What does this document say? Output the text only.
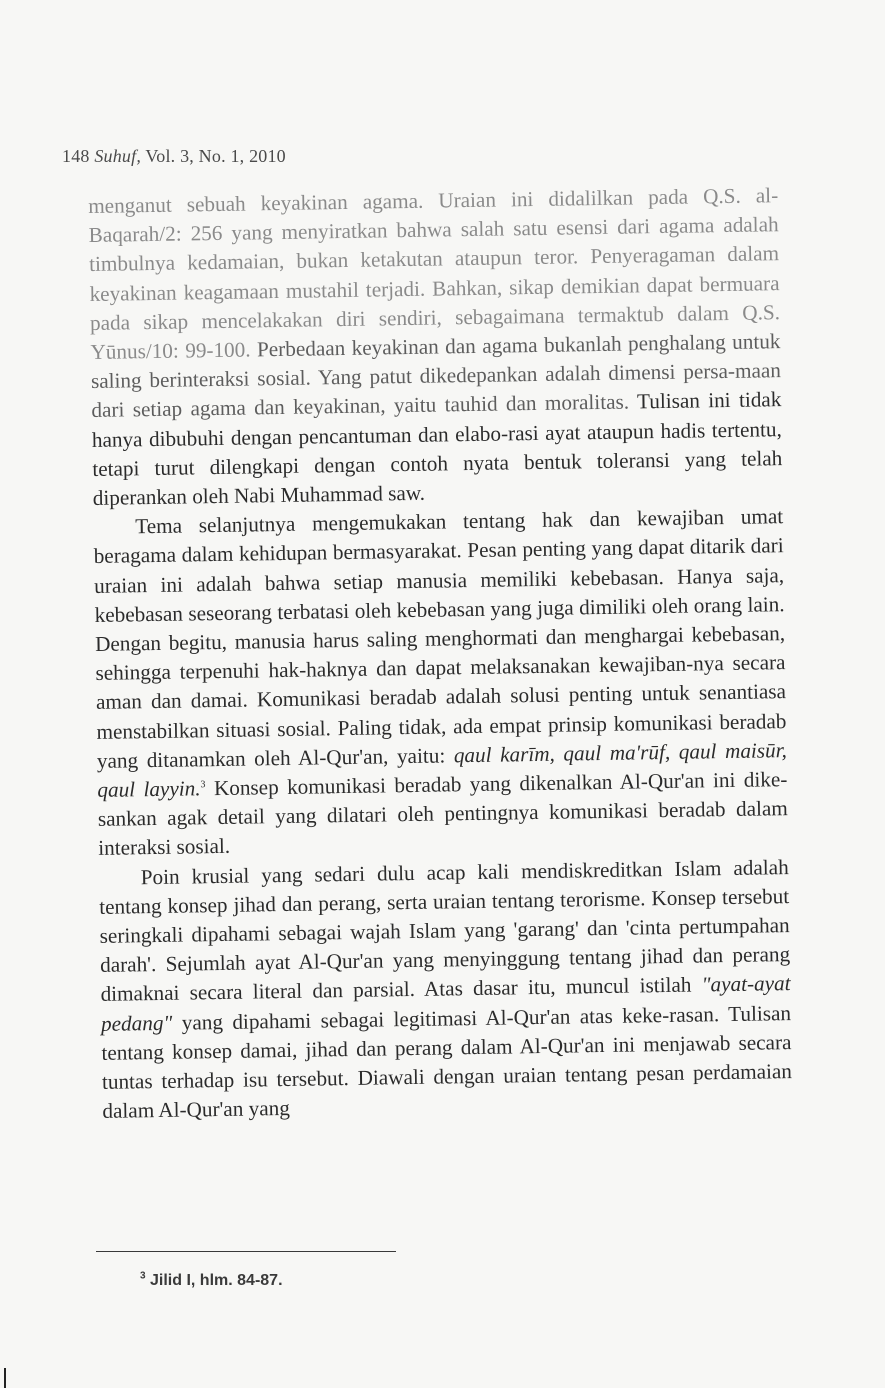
148 Suhuf, Vol. 3, No. 1, 2010

menganut sebuah keyakinan agama. Uraian ini didalilkan pada Q.S. al-Baqarah/2: 256 yang menyiratkan bahwa salah satu esensi dari agama adalah timbulnya kedamaian, bukan ketakutan ataupun teror. Penyeragaman dalam keyakinan keagamaan mustahil terjadi. Bahkan, sikap demikian dapat bermuara pada sikap mencelakakan diri sendiri, sebagaimana termaktub dalam Q.S. Yūnus/10: 99-100. Perbedaan keyakinan dan agama bukanlah penghalang untuk saling berinteraksi sosial. Yang patut dikedepankan adalah dimensi persa-maan dari setiap agama dan keyakinan, yaitu tauhid dan moralitas. Tulisan ini tidak hanya dibubuhi dengan pencantuman dan elabo-rasi ayat ataupun hadis tertentu, tetapi turut dilengkapi dengan contoh nyata bentuk toleransi yang telah diperankan oleh Nabi Muhammad saw.

Tema selanjutnya mengemukakan tentang hak dan kewajiban umat beragama dalam kehidupan bermasyarakat. Pesan penting yang dapat ditarik dari uraian ini adalah bahwa setiap manusia memiliki kebebasan. Hanya saja, kebebasan seseorang terbatasi oleh kebebasan yang juga dimiliki oleh orang lain. Dengan begitu, manusia harus saling menghormati dan menghargai kebebasan, sehingga terpenuhi hak-haknya dan dapat melaksanakan kewajiban-nya secara aman dan damai. Komunikasi beradab adalah solusi penting untuk senantiasa menstabilkan situasi sosial. Paling tidak, ada empat prinsip komunikasi beradab yang ditanamkan oleh Al-Qur'an, yaitu: qaul karīm, qaul ma'rūf, qaul maisūr, qaul layyin.$^3$ Konsep komunikasi beradab yang dikenalkan Al-Qur'an ini dike-sankan agak detail yang dilatari oleh pentingnya komunikasi beradab dalam interaksi sosial.

Poin krusial yang sedari dulu acap kali mendiskreditkan Islam adalah tentang konsep jihad dan perang, serta uraian tentang terorisme. Konsep tersebut seringkali dipahami sebagai wajah Islam yang 'garang' dan 'cinta pertumpahan darah'. Sejumlah ayat Al-Qur'an yang menyinggung tentang jihad dan perang dimaknai secara literal dan parsial. Atas dasar itu, muncul istilah "ayat-ayat pedang" yang dipahami sebagai legitimasi Al-Qur'an atas keke-rasan. Tulisan tentang konsep damai, jihad dan perang dalam Al-Qur'an ini menjawab secara tuntas terhadap isu tersebut. Diawali dengan uraian tentang pesan perdamaian dalam Al-Qur'an yang

$^3$ Jilid I, hlm. 84-87.
